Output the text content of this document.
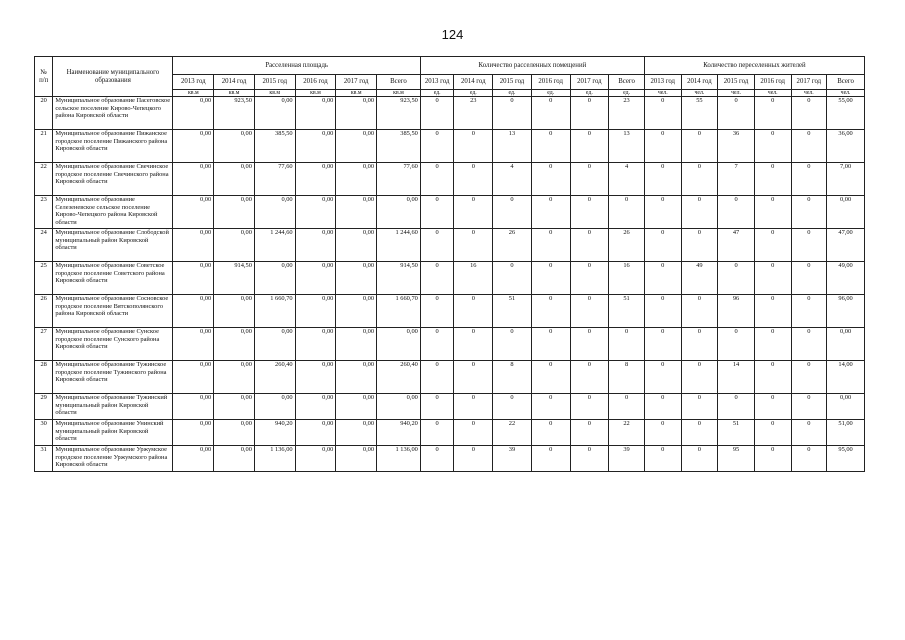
124
№ п/п	Наименование муниципального образования	Расселенная площадь						Количество расселенных помещений						Количество переселенных жителей					
		2013 год	2014 год	2015 год	2016 год	2017 год	Всего	2013 год	2014 год	2015 год	2016 год	2017 год	Всего	2013 год	2014 год	2015 год	2016 год	2017 год	Всего
		кв.м	кв.м	кв.м	кв.м	кв.м	кв.м	ед.	ед.	ед.	ед.	ед.	ед.	чел.	чел.	чел.	чел.	чел.	чел.
20	Муниципальное образование Пасеговское сельское поселение Кирово-Чепецкого района Кировской области	0,00	923,50	0,00	0,00	0,00	923,50	0	23	0	0	0	23	0	55	0	0	0	55,00
21	Муниципальное образование Пижанское городское поселение Пижанского района Кировской области	0,00	0,00	385,50	0,00	0,00	385,50	0	0	13	0	0	13	0	0	36	0	0	36,00
22	Муниципальное образование Свечинское городское поселение Свечинского района Кировской области	0,00	0,00	77,60	0,00	0,00	77,60	0	0	4	0	0	4	0	0	7	0	0	7,00
23	Муниципальное образование Селезеневское сельское поселение Кирово-Чепецкого района Кировской области	0,00	0,00	0,00	0,00	0,00	0,00	0	0	0	0	0	0	0	0	0	0	0	0,00
24	Муниципальное образование Слободской муниципальный район Кировской области	0,00	0,00	1 244,60	0,00	0,00	1 244,60	0	0	26	0	0	26	0	0	47	0	0	47,00
25	Муниципальное образование Советское городское поселение Советского района Кировской области	0,00	914,50	0,00	0,00	0,00	914,50	0	16	0	0	0	16	0	49	0	0	0	49,00
26	Муниципальное образование Сосновское городское поселение Вятскополянского района Кировской области	0,00	0,00	1 660,70	0,00	0,00	1 660,70	0	0	51	0	0	51	0	0	96	0	0	96,00
27	Муниципальное образование Сунское городское поселение Сунского района Кировской области	0,00	0,00	0,00	0,00	0,00	0,00	0	0	0	0	0	0	0	0	0	0	0	0,00
28	Муниципальное образование Тужинское городское поселение Тужинского района Кировской области	0,00	0,00	260,40	0,00	0,00	260,40	0	0	8	0	0	8	0	0	14	0	0	14,00
29	Муниципальное образование Тужинский муниципальный район Кировской области	0,00	0,00	0,00	0,00	0,00	0,00	0	0	0	0	0	0	0	0	0	0	0	0,00
30	Муниципальное образование Унинский муниципальный район Кировской области	0,00	0,00	940,20	0,00	0,00	940,20	0	0	22	0	0	22	0	0	51	0	0	51,00
31	Муниципальное образование Уржумское городское поселение Уржумского района Кировской области	0,00	0,00	1 136,00	0,00	0,00	1 136,00	0	0	39	0	0	39	0	0	95	0	0	95,00
